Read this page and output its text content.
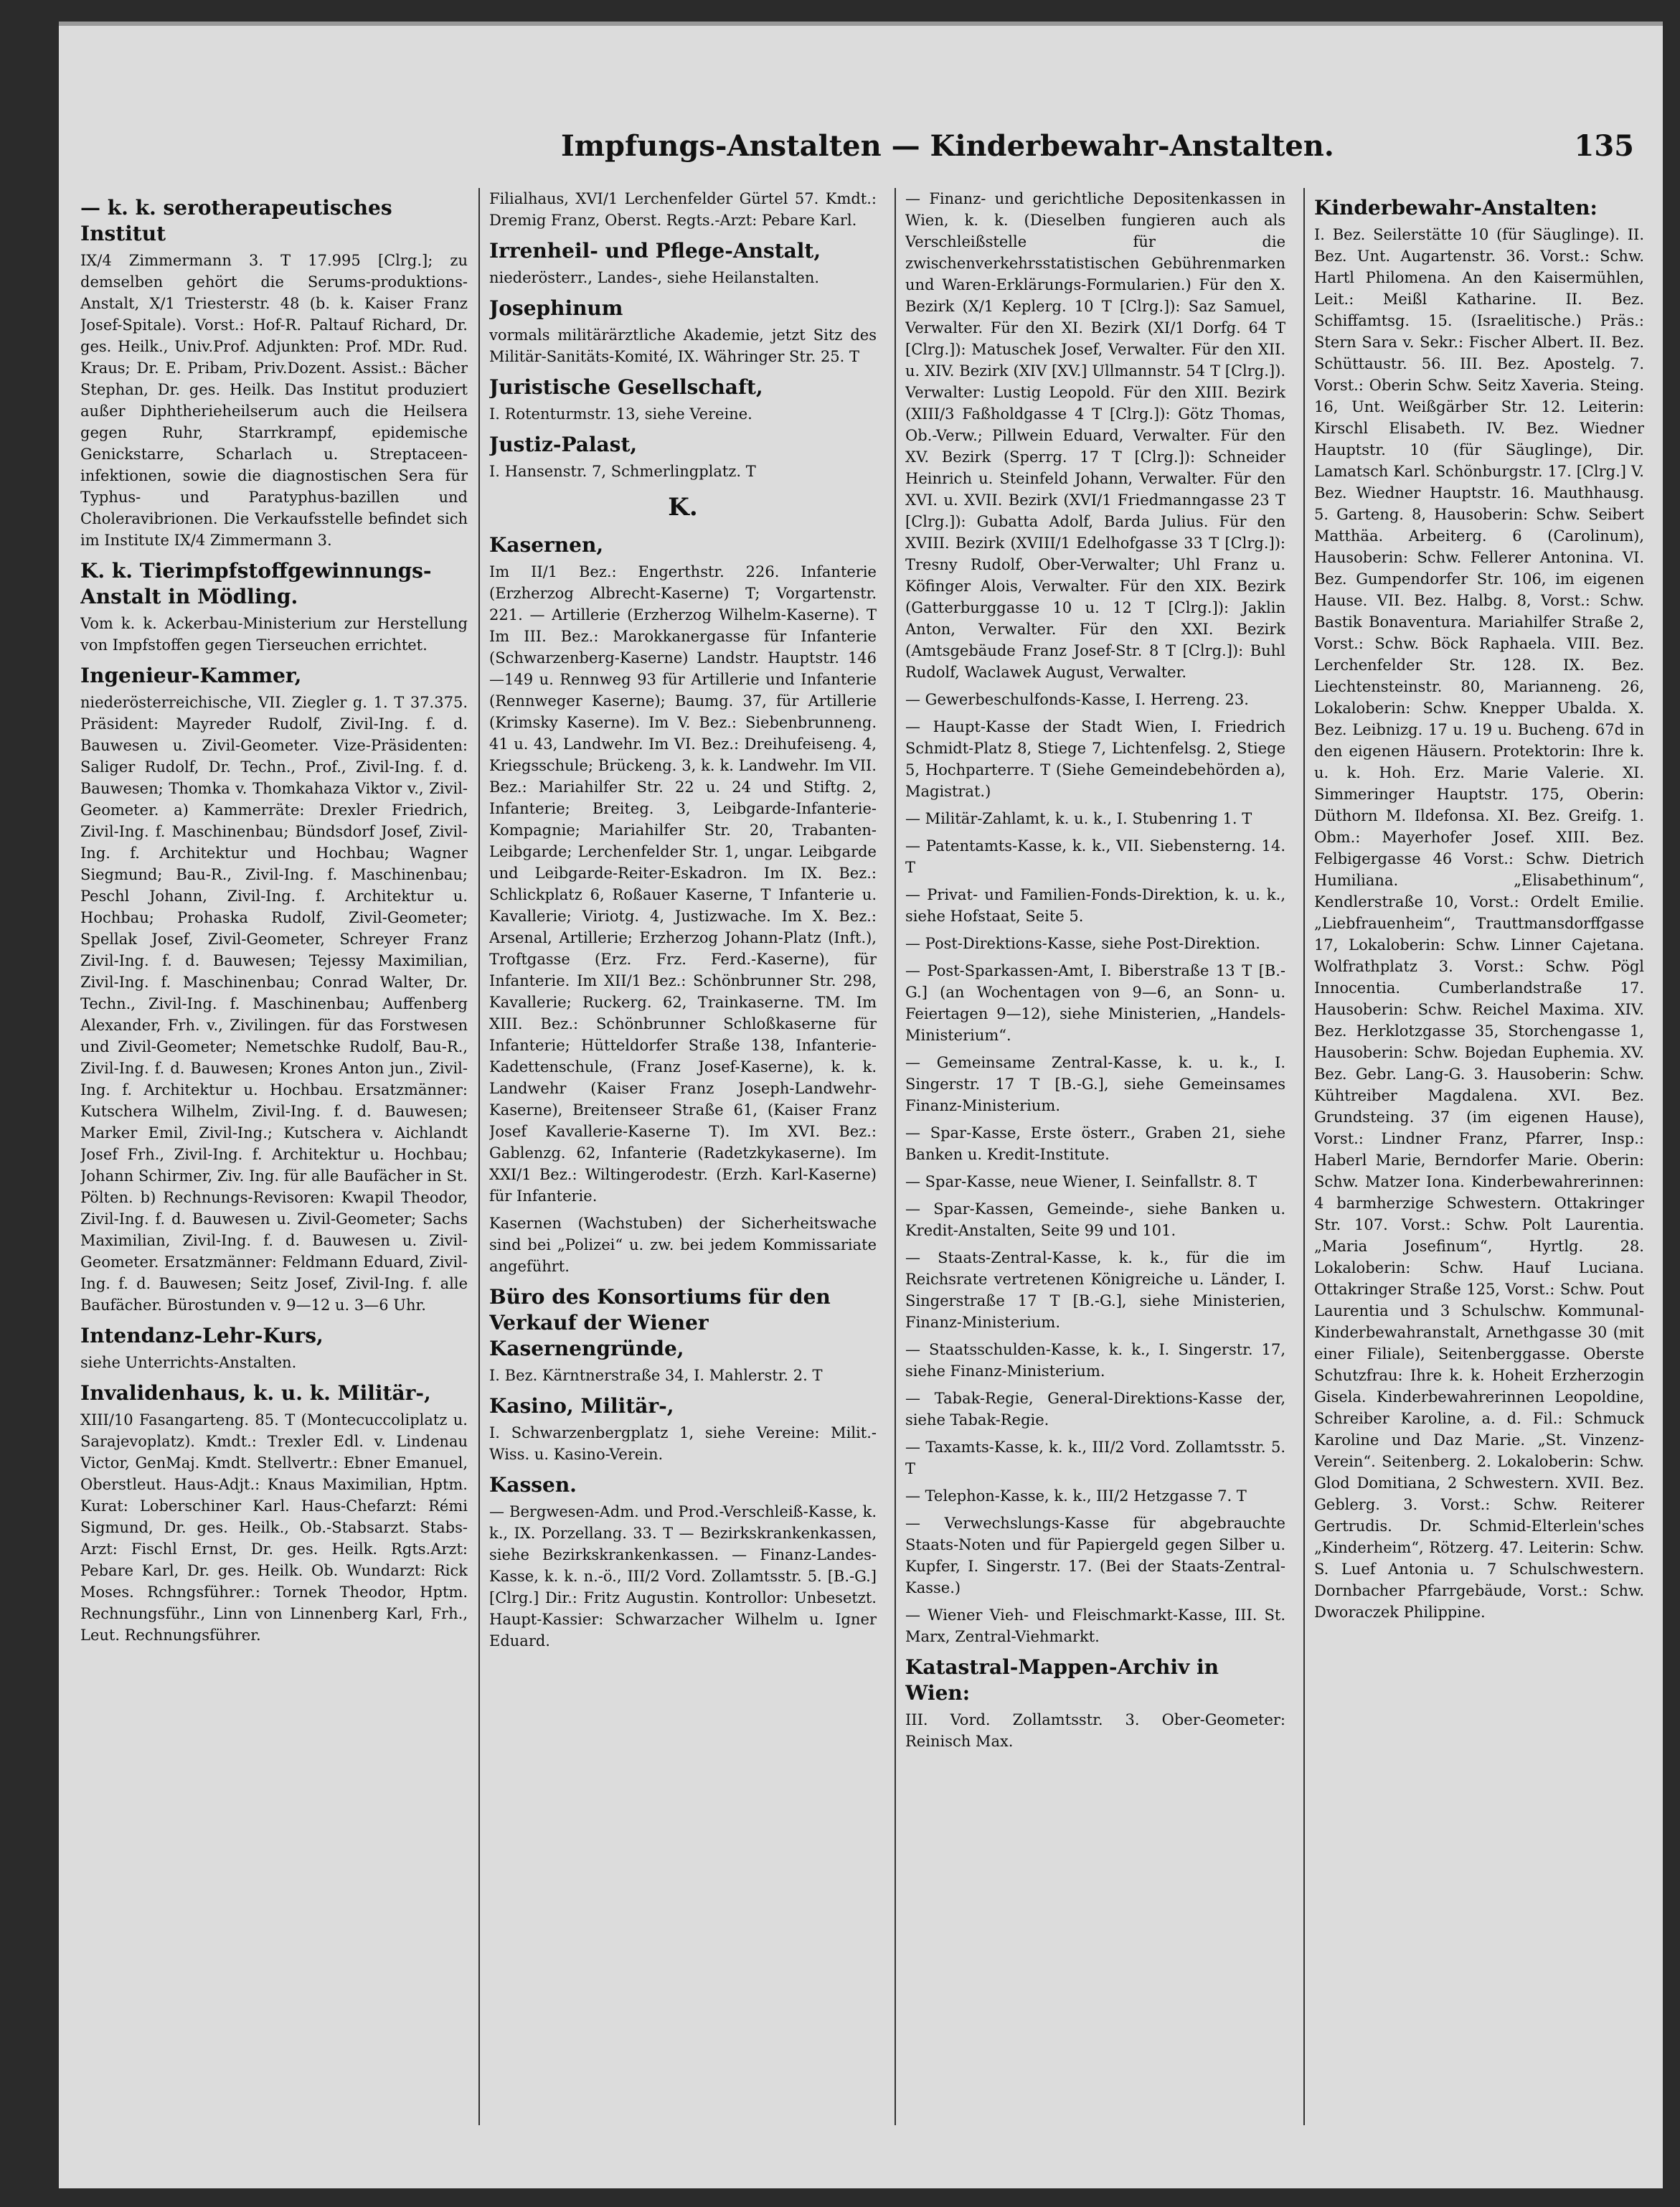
Impfungs-Anstalten — Kinderbewahr-Anstalten.	135
— k. k. serotherapeutisches Institut

IX/4 Zimmermann 3. T 17.995 [Clrg.]; zu demselben gehört die Serums-produktions-Anstalt, X/1 Triesterstr. 48 (b. k. Kaiser Franz Josef-Spitale). Vorst.: Hof-R. Paltauf Richard, Dr. ges. Heilk., Univ.Prof. Adjunkten: Prof. MDr. Rud. Kraus; Dr. E. Pribam, Priv.Dozent. Assist.: Bächer Stephan, Dr. ges. Heilk. Das Institut produziert außer Diphtherieheilserum auch die Heilsera gegen Ruhr, Starrkrampf, epidemische Genickstarre, Scharlach u. Streptaceen-infektionen, sowie die diagnostischen Sera für Typhus- und Paratyphus-bazillen und Choleravibrionen. Die Verkaufsstelle befindet sich im Institute IX/4 Zimmermann 3.

K. k. Tierimpfstoffgewinnungs-Anstalt in Mödling.

Vom k. k. Ackerbau-Ministerium zur Herstellung von Impfstoffen gegen Tierseuchen errichtet.

Ingenieur-Kammer,

niederösterreichische, VII. Ziegler g. 1. T 37.375. Präsident: Mayreder Rudolf, Zivil-Ing. f. d. Bauwesen u. Zivil-Geometer. Vize-Präsidenten: Saliger Rudolf, Dr. Techn., Prof., Zivil-Ing. f. d. Bauwesen; Thomka v. Thomkahaza Viktor v., Zivil-Geometer. a) Kammerräte: Drexler Friedrich, Zivil-Ing. f. Maschinenbau; Bündsdorf Josef, Zivil-Ing. f. Architektur und Hochbau; Wagner Siegmund; Bau-R., Zivil-Ing. f. Maschinenbau; Peschl Johann, Zivil-Ing. f. Architektur u. Hochbau; Prohaska Rudolf, Zivil-Geometer; Spellak Josef, Zivil-Geometer, Schreyer Franz Zivil-Ing. f. d. Bauwesen; Tejessy Maximilian, Zivil-Ing. f. Maschinenbau; Conrad Walter, Dr. Techn., Zivil-Ing. f. Maschinenbau; Auffenberg Alexander, Frh. v., Zivilingen. für das Forstwesen und Zivil-Geometer; Nemetschke Rudolf, Bau-R., Zivil-Ing. f. d. Bauwesen; Krones Anton jun., Zivil-Ing. f. Architektur u. Hochbau. Ersatzmänner: Kutschera Wilhelm, Zivil-Ing. f. d. Bauwesen; Marker Emil, Zivil-Ing.; Kutschera v. Aichlandt Josef Frh., Zivil-Ing. f. Architektur u. Hochbau; Johann Schirmer, Ziv. Ing. für alle Baufächer in St. Pölten. b) Rechnungs-Revisoren: Kwapil Theodor, Zivil-Ing. f. d. Bauwesen u. Zivil-Geometer; Sachs Maximilian, Zivil-Ing. f. d. Bauwesen u. Zivil-Geometer. Ersatzmänner: Feldmann Eduard, Zivil-Ing. f. d. Bauwesen; Seitz Josef, Zivil-Ing. f. alle Baufächer. Bürostunden v. 9—12 u. 3—6 Uhr.

Intendanz-Lehr-Kurs,

siehe Unterrichts-Anstalten.

Invalidenhaus, k. u. k. Militär-,

XIII/10 Fasangarteng. 85. T (Montecuccoliplatz u. Sarajevoplatz). Kmdt.: Trexler Edl. v. Lindenau Victor, GenMaj. Kmdt. Stellvertr.: Ebner Emanuel, Oberstleut. Haus-Adjt.: Knaus Maximilian, Hptm. Kurat: Loberschiner Karl. Haus-Chefarzt: Rémi Sigmund, Dr. ges. Heilk., Ob.-Stabsarzt. Stabs-Arzt: Fischl Ernst, Dr. ges. Heilk. Rgts.Arzt: Pebare Karl, Dr. ges. Heilk. Ob. Wundarzt: Rick Moses. Rchngsführer.: Tornek Theodor, Hptm. Rechnungsführ., Linn von Linnenberg Karl, Frh., Leut. Rechnungsführer.

Filialhaus, XVI/1 Lerchenfelder Gürtel 57. Kmdt.: Dremig Franz, Oberst. Regts.-Arzt: Pebare Karl.

Irrenheil- und Pflege-Anstalt,

niederösterr., Landes-, siehe Heilanstalten.

Josephinum

vormals militärärztliche Akademie, jetzt Sitz des Militär-Sanitäts-Komité, IX. Währinger Str. 25. T

Juristische Gesellschaft,

I. Rotenturmstr. 13, siehe Vereine.

Justiz-Palast,

I. Hansenstr. 7, Schmerlingplatz. T

K.
Kasernen,

Im II/1 Bez.: Engerthstr. 226. Infanterie (Erzherzog Albrecht-Kaserne) T; Vorgartenstr. 221. — Artillerie (Erzherzog Wilhelm-Kaserne). T Im III. Bez.: Marokkanergasse für Infanterie (Schwarzenberg-Kaserne) Landstr. Hauptstr. 146—149 u. Rennweg 93 für Artillerie und Infanterie (Rennweger Kaserne); Baumg. 37, für Artillerie (Krimsky Kaserne). Im V. Bez.: Siebenbrunneng. 41 u. 43, Landwehr. Im VI. Bez.: Dreihufeiseng. 4, Kriegsschule; Brückeng. 3, k. k. Landwehr. Im VII. Bez.: Mariahilfer Str. 22 u. 24 und Stiftg. 2, Infanterie; Breiteg. 3, Leibgarde-Infanterie-Kompagnie; Mariahilfer Str. 20, Trabanten-Leibgarde; Lerchenfelder Str. 1, ungar. Leibgarde und Leibgarde-Reiter-Eskadron. Im IX. Bez.: Schlickplatz 6, Roßauer Kaserne, T Infanterie u. Kavallerie; Viriotg. 4, Justizwache. Im X. Bez.: Arsenal, Artillerie; Erzherzog Johann-Platz (Inft.), Troftgasse (Erz. Frz. Ferd.-Kaserne), für Infanterie. Im XII/1 Bez.: Schönbrunner Str. 298, Kavallerie; Ruckerg. 62, Trainkaserne. TM. Im XIII. Bez.: Schönbrunner Schloßkaserne für Infanterie; Hütteldorfer Straße 138, Infanterie-Kadettenschule, (Franz Josef-Kaserne), k. k. Landwehr (Kaiser Franz Joseph-Landwehr-Kaserne), Breitenseer Straße 61, (Kaiser Franz Josef Kavallerie-Kaserne T). Im XVI. Bez.: Gablenzg. 62, Infanterie (Radetzkykaserne). Im XXI/1 Bez.: Wiltingerodestr. (Erzh. Karl-Kaserne) für Infanterie.

Kasernen (Wachstuben) der Sicherheitswache sind bei „Polizei“ u. zw. bei jedem Kommissariate angeführt.

Büro des Konsortiums für den Verkauf der Wiener Kasernengründe,

I. Bez. Kärntnerstraße 34, I. Mahlerstr. 2. T

Kasino, Militär-,

I. Schwarzenbergplatz 1, siehe Vereine: Milit.-Wiss. u. Kasino-Verein.

Kassen.

— Bergwesen-Adm. und Prod.-Verschleiß-Kasse, k. k., IX. Porzellang. 33. T — Bezirkskrankenkassen, siehe Bezirkskrankenkassen. — Finanz-Landes-Kasse, k. k. n.-ö., III/2 Vord. Zollamtsstr. 5. [B.-G.] [Clrg.] Dir.: Fritz Augustin. Kontrollor: Unbesetzt. Haupt-Kassier: Schwarzacher Wilhelm u. Igner Eduard.

— Finanz- und gerichtliche Depositenkassen in Wien, k. k. (Dieselben fungieren auch als Verschleißstelle für die zwischenverkehrsstatistischen Gebührenmarken und Waren-Erklärungs-Formularien.) Für den X. Bezirk (X/1 Keplerg. 10 T [Clrg.]): Saz Samuel, Verwalter. Für den XI. Bezirk (XI/1 Dorfg. 64 T [Clrg.]): Matuschek Josef, Verwalter. Für den XII. u. XIV. Bezirk (XIV [XV.] Ullmannstr. 54 T [Clrg.]). Verwalter: Lustig Leopold. Für den XIII. Bezirk (XIII/3 Faßholdgasse 4 T [Clrg.]): Götz Thomas, Ob.-Verw.; Pillwein Eduard, Verwalter. Für den XV. Bezirk (Sperrg. 17 T [Clrg.]): Schneider Heinrich u. Steinfeld Johann, Verwalter. Für den XVI. u. XVII. Bezirk (XVI/1 Friedmanngasse 23 T [Clrg.]): Gubatta Adolf, Barda Julius. Für den XVIII. Bezirk (XVIII/1 Edelhofgasse 33 T [Clrg.]): Tresny Rudolf, Ober-Verwalter; Uhl Franz u. Köfinger Alois, Verwalter. Für den XIX. Bezirk (Gatterburggasse 10 u. 12 T [Clrg.]): Jaklin Anton, Verwalter. Für den XXI. Bezirk (Amtsgebäude Franz Josef-Str. 8 T [Clrg.]): Buhl Rudolf, Waclawek August, Verwalter.

— Gewerbeschulfonds-Kasse, I. Herreng. 23.

— Haupt-Kasse der Stadt Wien, I. Friedrich Schmidt-Platz 8, Stiege 7, Lichtenfelsg. 2, Stiege 5, Hochparterre. T (Siehe Gemeindebehörden a), Magistrat.)

— Militär-Zahlamt, k. u. k., I. Stubenring 1. T

— Patentamts-Kasse, k. k., VII. Siebensterng. 14. T

— Privat- und Familien-Fonds-Direktion, k. u. k., siehe Hofstaat, Seite 5.

— Post-Direktions-Kasse, siehe Post-Direktion.

— Post-Sparkassen-Amt, I. Biberstraße 13 T [B.-G.] (an Wochentagen von 9—6, an Sonn- u. Feiertagen 9—12), siehe Ministerien, „Handels-Ministerium“.

— Gemeinsame Zentral-Kasse, k. u. k., I. Singerstr. 17 T [B.-G.], siehe Gemeinsames Finanz-Ministerium.

— Spar-Kasse, Erste österr., Graben 21, siehe Banken u. Kredit-Institute.

— Spar-Kasse, neue Wiener, I. Seinfallstr. 8. T

— Spar-Kassen, Gemeinde-, siehe Banken u. Kredit-Anstalten, Seite 99 und 101.

— Staats-Zentral-Kasse, k. k., für die im Reichsrate vertretenen Königreiche u. Länder, I. Singerstraße 17 T [B.-G.], siehe Ministerien, Finanz-Ministerium.

— Staatsschulden-Kasse, k. k., I. Singerstr. 17, siehe Finanz-Ministerium.

— Tabak-Regie, General-Direktions-Kasse der, siehe Tabak-Regie.

— Taxamts-Kasse, k. k., III/2 Vord. Zollamtsstr. 5. T

— Telephon-Kasse, k. k., III/2 Hetzgasse 7. T

— Verwechslungs-Kasse für abgebrauchte Staats-Noten und für Papiergeld gegen Silber u. Kupfer, I. Singerstr. 17. (Bei der Staats-Zentral-Kasse.)

— Wiener Vieh- und Fleischmarkt-Kasse, III. St. Marx, Zentral-Viehmarkt.

Katastral-Mappen-Archiv in Wien:

III. Vord. Zollamtsstr. 3. Ober-Geometer: Reinisch Max.

Kinderbewahr-Anstalten:

I. Bez. Seilerstätte 10 (für Säuglinge). II. Bez. Unt. Augartenstr. 36. Vorst.: Schw. Hartl Philomena. An den Kaisermühlen, Leit.: Meißl Katharine. II. Bez. Schiffamtsg. 15. (Israelitische.) Präs.: Stern Sara v. Sekr.: Fischer Albert. II. Bez. Schüttaustr. 56. III. Bez. Apostelg. 7. Vorst.: Oberin Schw. Seitz Xaveria. Steing. 16, Unt. Weißgärber Str. 12. Leiterin: Kirschl Elisabeth. IV. Bez. Wiedner Hauptstr. 10 (für Säuglinge), Dir. Lamatsch Karl. Schönburgstr. 17. [Clrg.] V. Bez. Wiedner Hauptstr. 16. Mauthhausg. 5. Garteng. 8, Hausoberin: Schw. Seibert Matthäa. Arbeiterg. 6 (Carolinum), Hausoberin: Schw. Fellerer Antonina. VI. Bez. Gumpendorfer Str. 106, im eigenen Hause. VII. Bez. Halbg. 8, Vorst.: Schw. Bastik Bonaventura. Mariahilfer Straße 2, Vorst.: Schw. Böck Raphaela. VIII. Bez. Lerchenfelder Str. 128. IX. Bez. Liechtensteinstr. 80, Marianneng. 26, Lokaloberin: Schw. Knepper Ubalda. X. Bez. Leibnizg. 17 u. 19 u. Bucheng. 67d in den eigenen Häusern. Protektorin: Ihre k. u. k. Hoh. Erz. Marie Valerie. XI. Simmeringer Hauptstr. 175, Oberin: Düthorn M. Ildefonsa. XI. Bez. Greifg. 1. Obm.: Mayerhofer Josef. XIII. Bez. Felbigergasse 46 Vorst.: Schw. Dietrich Humiliana. „Elisabethinum“, Kendlerstraße 10, Vorst.: Ordelt Emilie. „Liebfrauenheim“, Trauttmansdorffgasse 17, Lokaloberin: Schw. Linner Cajetana. Wolfrathplatz 3. Vorst.: Schw. Pögl Innocentia. Cumberlandstraße 17. Hausoberin: Schw. Reichel Maxima. XIV. Bez. Herklotzgasse 35, Storchengasse 1, Hausoberin: Schw. Bojedan Euphemia. XV. Bez. Gebr. Lang-G. 3. Hausoberin: Schw. Kühtreiber Magdalena. XVI. Bez. Grundsteing. 37 (im eigenen Hause), Vorst.: Lindner Franz, Pfarrer, Insp.: Haberl Marie, Berndorfer Marie. Oberin: Schw. Matzer Iona. Kinderbewahrerinnen: 4 barmherzige Schwestern. Ottakringer Str. 107. Vorst.: Schw. Polt Laurentia. „Maria Josefinum“, Hyrtlg. 28. Lokaloberin: Schw. Hauf Luciana. Ottakringer Straße 125, Vorst.: Schw. Pout Laurentia und 3 Schulschw. Kommunal-Kinderbewahranstalt, Arnethgasse 30 (mit einer Filiale), Seitenberggasse. Oberste Schutzfrau: Ihre k. k. Hoheit Erzherzogin Gisela. Kinderbewahrerinnen Leopoldine, Schreiber Karoline, a. d. Fil.: Schmuck Karoline und Daz Marie. „St. Vinzenz-Verein“. Seitenberg. 2. Lokaloberin: Schw. Glod Domitiana, 2 Schwestern. XVII. Bez. Geblerg. 3. Vorst.: Schw. Reiterer Gertrudis. Dr. Schmid-Elterlein'sches „Kinderheim“, Rötzerg. 47. Leiterin: Schw. S. Luef Antonia u. 7 Schulschwestern. Dornbacher Pfarrgebäude, Vorst.: Schw. Dworaczek Philippine.
